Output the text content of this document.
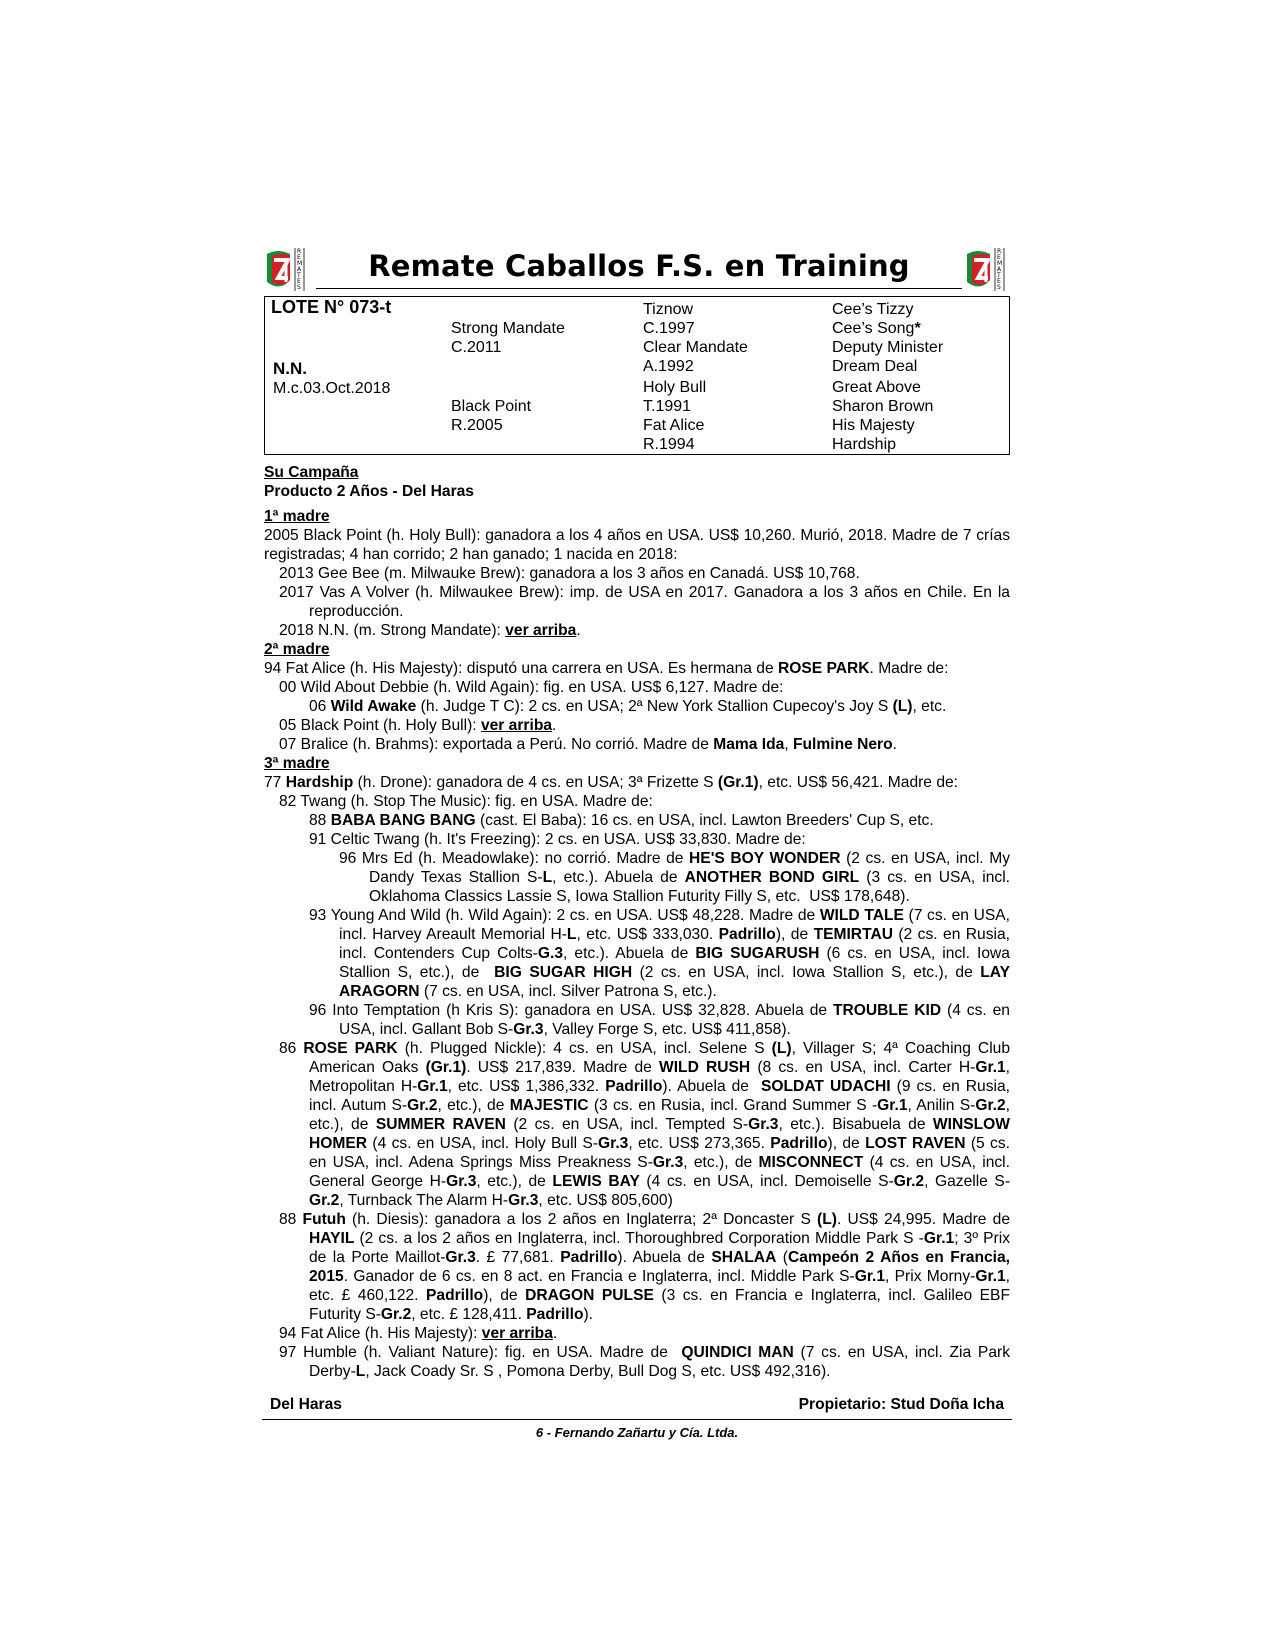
R
E
M
A
T
E
S
Remate Caballos F.S. en Training	R
E
M
A
T
E
S
LOTE N° 073-t
N.N.
M.c.03.Oct.2018
Strong Mandate
C.2011
Black Point
R.2005
Tiznow
C.1997
Clear Mandate
A.1992
Holy Bull
T.1991
Fat Alice
R.1994
Cee’s Tizzy
Cee’s Song*
Deputy Minister
Dream Deal
Great Above
Sharon Brown
His Majesty
Hardship

Su Campaña

Producto 2 Años - Del Haras

1ª madre

2005 Black Point (h. Holy Bull): ganadora a los 4 años en USA. US$ 10,260. Murió, 2018. Madre de 7 crías registradas; 4 han corrido; 2 han ganado; 1 nacida en 2018:

2013 Gee Bee (m. Milwauke Brew): ganadora a los 3 años en Canadá. US$ 10,768.

2017 Vas A Volver (h. Milwaukee Brew): imp. de USA en 2017. Ganadora a los 3 años en Chile. En la reproducción.

2018 N.N. (m. Strong Mandate): ver arriba.

2ª madre

94 Fat Alice (h. His Majesty): disputó una carrera en USA. Es hermana de ROSE PARK. Madre de:

00 Wild About Debbie (h. Wild Again): fig. en USA. US$ 6,127. Madre de:

06 Wild Awake (h. Judge T C): 2 cs. en USA; 2ª New York Stallion Cupecoy's Joy S (L), etc.

05 Black Point (h. Holy Bull): ver arriba.

07 Bralice (h. Brahms): exportada a Perú. No corrió. Madre de Mama Ida, Fulmine Nero.

3ª madre

77 Hardship (h. Drone): ganadora de 4 cs. en USA; 3ª Frizette S (Gr.1), etc. US$ 56,421. Madre de:

82 Twang (h. Stop The Music): fig. en USA. Madre de:

88 BABA BANG BANG (cast. El Baba): 16 cs. en USA, incl. Lawton Breeders' Cup S, etc.

91 Celtic Twang (h. It's Freezing): 2 cs. en USA. US$ 33,830. Madre de:

96 Mrs Ed (h. Meadowlake): no corrió. Madre de HE'S BOY WONDER (2 cs. en USA, incl. My Dandy Texas Stallion S-L, etc.). Abuela de ANOTHER BOND GIRL (3 cs. en USA, incl. Oklahoma Classics Lassie S, Iowa Stallion Futurity Filly S, etc.  US$ 178,648).

93 Young And Wild (h. Wild Again): 2 cs. en USA. US$ 48,228. Madre de WILD TALE (7 cs. en USA, incl. Harvey Areault Memorial H-L, etc. US$ 333,030. Padrillo), de TEMIRTAU (2 cs. en Rusia, incl. Contenders Cup Colts-G.3, etc.). Abuela de BIG SUGARUSH (6 cs. en USA, incl. Iowa Stallion S, etc.), de  BIG SUGAR HIGH (2 cs. en USA, incl. Iowa Stallion S, etc.), de LAY ARAGORN (7 cs. en USA, incl. Silver Patrona S, etc.).

96 Into Temptation (h Kris S): ganadora en USA. US$ 32,828. Abuela de TROUBLE KID (4 cs. en USA, incl. Gallant Bob S-Gr.3, Valley Forge S, etc. US$ 411,858).

86 ROSE PARK (h. Plugged Nickle): 4 cs. en USA, incl. Selene S (L), Villager S; 4ª Coaching Club American Oaks (Gr.1). US$ 217,839. Madre de WILD RUSH (8 cs. en USA, incl. Carter H-Gr.1, Metropolitan H-Gr.1, etc. US$ 1,386,332. Padrillo). Abuela de  SOLDAT UDACHI (9 cs. en Rusia, incl. Autum S-Gr.2, etc.), de MAJESTIC (3 cs. en Rusia, incl. Grand Summer S -Gr.1, Anilin S-Gr.2, etc.), de SUMMER RAVEN (2 cs. en USA, incl. Tempted S-Gr.3, etc.). Bisabuela de WINSLOW HOMER (4 cs. en USA, incl. Holy Bull S-Gr.3, etc. US$ 273,365. Padrillo), de LOST RAVEN (5 cs. en USA, incl. Adena Springs Miss Preakness S-Gr.3, etc.), de MISCONNECT (4 cs. en USA, incl. General George H-Gr.3, etc.), de LEWIS BAY (4 cs. en USA, incl. Demoiselle S-Gr.2, Gazelle S-Gr.2, Turnback The Alarm H-Gr.3, etc. US$ 805,600)

88 Futuh (h. Diesis): ganadora a los 2 años en Inglaterra; 2ª Doncaster S (L). US$ 24,995. Madre de HAYIL (2 cs. a los 2 años en Inglaterra, incl. Thoroughbred Corporation Middle Park S -Gr.1; 3º Prix de la Porte Maillot-Gr.3. £ 77,681. Padrillo). Abuela de SHALAA (Campeón 2 Años en Francia, 2015. Ganador de 6 cs. en 8 act. en Francia e Inglaterra, incl. Middle Park S-Gr.1, Prix Morny-Gr.1, etc. £ 460,122. Padrillo), de DRAGON PULSE (3 cs. en Francia e Inglaterra, incl. Galileo EBF Futurity S-Gr.2, etc. £ 128,411. Padrillo).

94 Fat Alice (h. His Majesty): ver arriba.

97 Humble (h. Valiant Nature): fig. en USA. Madre de  QUINDICI MAN (7 cs. en USA, incl. Zia Park Derby-L, Jack Coady Sr. S , Pomona Derby, Bull Dog S, etc. US$ 492,316).

Del Haras	Propietario: Stud Doña Icha
6 - Fernando Zañartu y Cía. Ltda.
